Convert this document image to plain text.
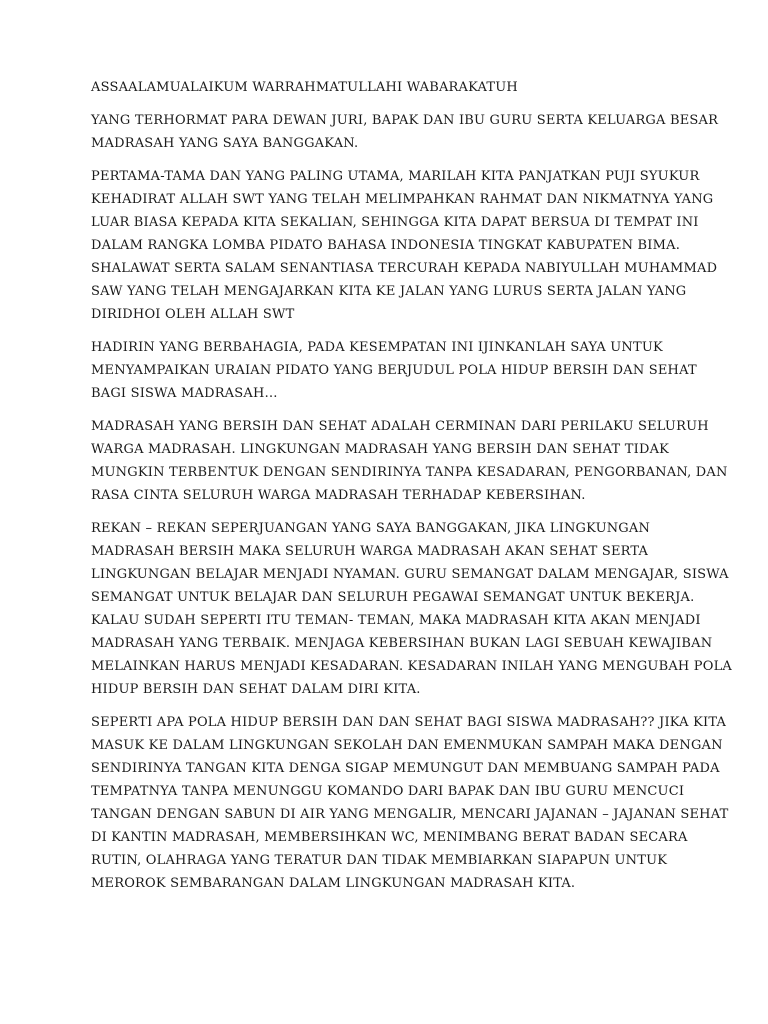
ASSAALAMUALAIKUM WARRAHMATULLAHI WABARAKATUH

YANG TERHORMAT PARA DEWAN JURI, BAPAK DAN IBU GURU SERTA KELUARGA BESAR
MADRASAH YANG SAYA BANGGAKAN.

PERTAMA-TAMA DAN YANG PALING UTAMA, MARILAH KITA PANJATKAN PUJI SYUKUR
KEHADIRAT ALLAH SWT YANG TELAH MELIMPAHKAN RAHMAT DAN NIKMATNYA YANG
LUAR BIASA KEPADA KITA SEKALIAN, SEHINGGA KITA DAPAT BERSUA DI TEMPAT INI
DALAM RANGKA LOMBA PIDATO BAHASA INDONESIA TINGKAT KABUPATEN BIMA.
SHALAWAT SERTA SALAM SENANTIASA TERCURAH KEPADA NABIYULLAH MUHAMMAD
SAW YANG TELAH MENGAJARKAN KITA KE JALAN YANG LURUS SERTA JALAN YANG
DIRIDHOI OLEH ALLAH SWT

HADIRIN YANG BERBAHAGIA, PADA KESEMPATAN INI IJINKANLAH SAYA UNTUK
MENYAMPAIKAN URAIAN PIDATO YANG BERJUDUL POLA HIDUP BERSIH DAN SEHAT
BAGI SISWA MADRASAH…

MADRASAH YANG BERSIH DAN SEHAT ADALAH CERMINAN DARI PERILAKU SELURUH
WARGA MADRASAH. LINGKUNGAN MADRASAH YANG BERSIH DAN SEHAT TIDAK
MUNGKIN TERBENTUK DENGAN SENDIRINYA TANPA KESADARAN, PENGORBANAN, DAN
RASA CINTA SELURUH WARGA MADRASAH TERHADAP KEBERSIHAN.

REKAN – REKAN SEPERJUANGAN YANG SAYA BANGGAKAN, JIKA LINGKUNGAN
MADRASAH BERSIH MAKA SELURUH WARGA MADRASAH AKAN SEHAT SERTA
LINGKUNGAN BELAJAR MENJADI NYAMAN. GURU SEMANGAT DALAM MENGAJAR, SISWA
SEMANGAT UNTUK BELAJAR DAN SELURUH PEGAWAI SEMANGAT UNTUK BEKERJA.
KALAU SUDAH SEPERTI ITU TEMAN- TEMAN, MAKA MADRASAH KITA AKAN MENJADI
MADRASAH YANG TERBAIK. MENJAGA KEBERSIHAN BUKAN LAGI SEBUAH KEWAJIBAN
MELAINKAN HARUS MENJADI KESADARAN. KESADARAN INILAH YANG MENGUBAH POLA
HIDUP BERSIH DAN SEHAT DALAM DIRI KITA.

SEPERTI APA POLA HIDUP BERSIH DAN DAN SEHAT BAGI SISWA MADRASAH?? JIKA KITA
MASUK KE DALAM LINGKUNGAN SEKOLAH DAN EMENMUKAN SAMPAH MAKA DENGAN
SENDIRINYA TANGAN KITA DENGA SIGAP MEMUNGUT DAN MEMBUANG SAMPAH PADA
TEMPATNYA TANPA MENUNGGU KOMANDO DARI BAPAK DAN IBU GURU MENCUCI
TANGAN DENGAN SABUN DI AIR YANG MENGALIR, MENCARI JAJANAN – JAJANAN SEHAT
DI KANTIN MADRASAH, MEMBERSIHKAN WC, MENIMBANG BERAT BADAN SECARA
RUTIN, OLAHRAGA YANG TERATUR DAN TIDAK MEMBIARKAN SIAPAPUN UNTUK
MEROROK SEMBARANGAN DALAM LINGKUNGAN MADRASAH KITA.
